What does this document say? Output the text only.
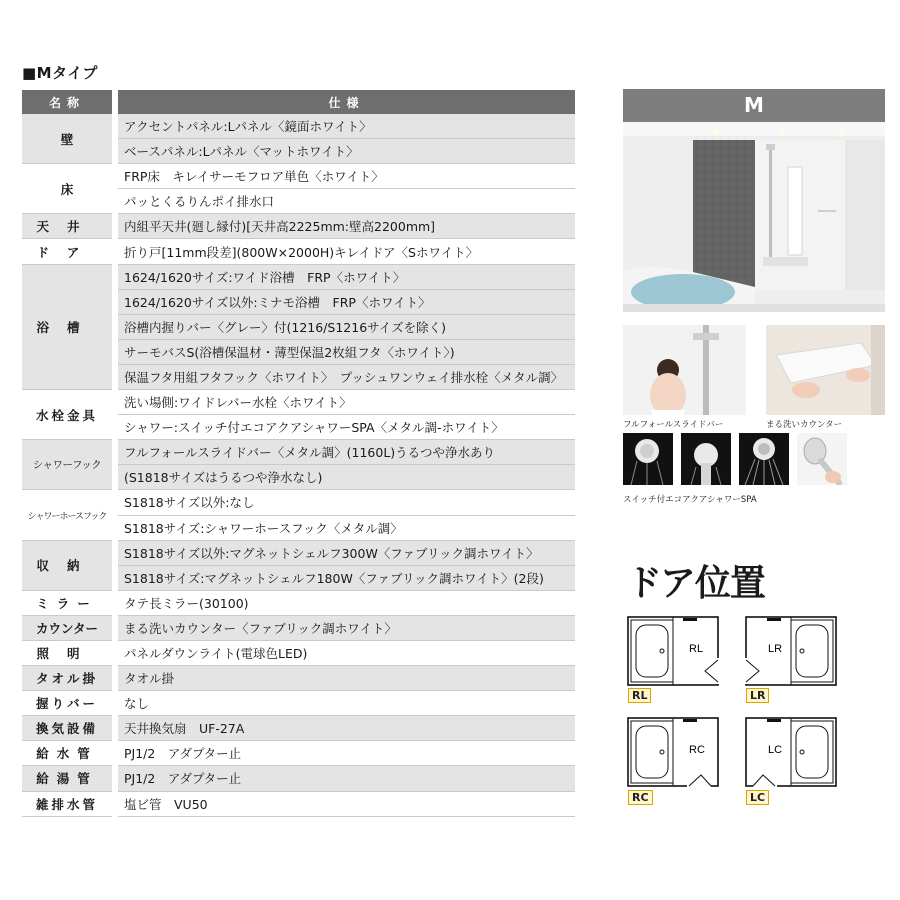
■Mタイプ
名称	仕様
壁	アクセントパネル:Lパネル〈鏡面ホワイト〉
	ベースパネル:Lパネル〈マットホワイト〉
床	FRP床　キレイサーモフロア単色〈ホワイト〉
	パッとくるりんポイ排水口
天井	内組平天井(廻し縁付)[天井高2225mm:壁高2200mm]
ドア	折り戸[11mm段差](800W×2000H)キレイドア〈Sホワイト〉
浴槽	1624/1620サイズ:ワイド浴槽　FRP〈ホワイト〉
	1624/1620サイズ以外:ミナモ浴槽　FRP〈ホワイト〉
	浴槽内握りバー〈グレー〉付(1216/S1216サイズを除く)
	サーモバスS(浴槽保温材・薄型保温2枚組フタ〈ホワイト〉)
	保温フタ用組フタフック〈ホワイト〉　プッシュワンウェイ排水栓〈メタル調〉
水栓金具	洗い場側:ワイドレバー水栓〈ホワイト〉
	シャワー:スイッチ付エコアクアシャワーSPA〈メタル調-ホワイト〉
シャワーフック	フルフォールスライドバー〈メタル調〉(1160L)うるつや浄水あり
	(S1818サイズはうるつや浄水なし)
シャワーホースフック	S1818サイズ以外:なし
	S1818サイズ:シャワーホースフック〈メタル調〉
収納	S1818サイズ以外:マグネットシェルフ300W〈ファブリック調ホワイト〉
	S1818サイズ:マグネットシェルフ180W〈ファブリック調ホワイト〉(2段)
ミラー	タテ長ミラー(30100)
カウンター	まる洗いカウンター〈ファブリック調ホワイト〉
照明	パネルダウンライト(電球色LED)
タオル掛	タオル掛
握りバー	なし
換気設備	天井換気扇　UF-27A
給水管	PJ1/2　アダプター止
給湯管	PJ1/2　アダプター止
雑排水管	塩ビ管　VU50
M
フルフォールスライドバー	まる洗いカウンター
スイッチ付エコアクアシャワーSPA
ドア位置
RL
RL
LR
LR
RC
RC
LC
LC
